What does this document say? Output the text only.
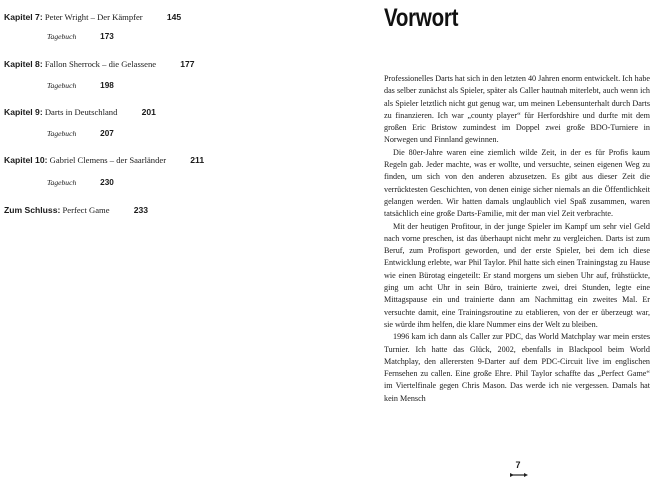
Kapitel 7: Peter Wright – Der Kämpfer	145
Tagebuch	173
Kapitel 8: Fallon Sherrock – die Gelassene	177
Tagebuch	198
Kapitel 9: Darts in Deutschland	201
Tagebuch	207
Kapitel 10: Gabriel Clemens – der Saarländer	211
Tagebuch	230
Zum Schluss: Perfect Game	233
Vorwort

Professionelles Darts hat sich in den letzten 40 Jahren enorm entwickelt. Ich habe das selber zunächst als Spieler, später als Caller hautnah miterlebt, auch wenn ich als Spieler letztlich nicht gut genug war, um meinen Lebensunterhalt durch Darts zu finanzieren. Ich war „county player“ für Herfordshire und durfte mit dem großen Eric Bristow zumindest im Doppel zwei große BDO-Turniere in Norwegen und Finnland gewinnen.

Die 80er-Jahre waren eine ziemlich wilde Zeit, in der es für Profis kaum Regeln gab. Jeder machte, was er wollte, und versuchte, seinen eigenen Weg zu finden, um sich von den anderen abzusetzen. Es gibt aus dieser Zeit die verrücktesten Geschichten, von denen einige sicher niemals an die Öffentlichkeit gelangen werden. Wir hatten damals unglaublich viel Spaß zusammen, waren tatsächlich eine große Darts-Familie, mit der man viel Zeit verbrachte.

Mit der heutigen Profitour, in der junge Spieler im Kampf um sehr viel Geld nach vorne preschen, ist das überhaupt nicht mehr zu vergleichen. Darts ist zum Beruf, zum Profisport geworden, und der erste Spieler, bei dem ich diese Entwicklung erlebte, war Phil Taylor. Phil hatte sich einen Trainingstag zu Hause wie einen Bürotag eingeteilt: Er stand morgens um sieben Uhr auf, frühstückte, ging um acht Uhr in sein Büro, trainierte zwei, drei Stunden, legte eine Mittagspause ein und trainierte dann am Nachmittag ein zweites Mal. Er versuchte damit, eine Trainingsroutine zu etablieren, von der er überzeugt war, sie würde ihm helfen, die klare Nummer eins der Welt zu bleiben.

1996 kam ich dann als Caller zur PDC, das World Matchplay war mein erstes Turnier. Ich hatte das Glück, 2002, ebenfalls in Blackpool beim World Matchplay, den allerersten 9-Darter auf dem PDC-Circuit live im englischen Fernsehen zu callen. Eine große Ehre. Phil Taylor schaffte das „Perfect Game“ im Viertelfinale gegen Chris Mason. Das werde ich nie vergessen. Damals hat kein Mensch

7
